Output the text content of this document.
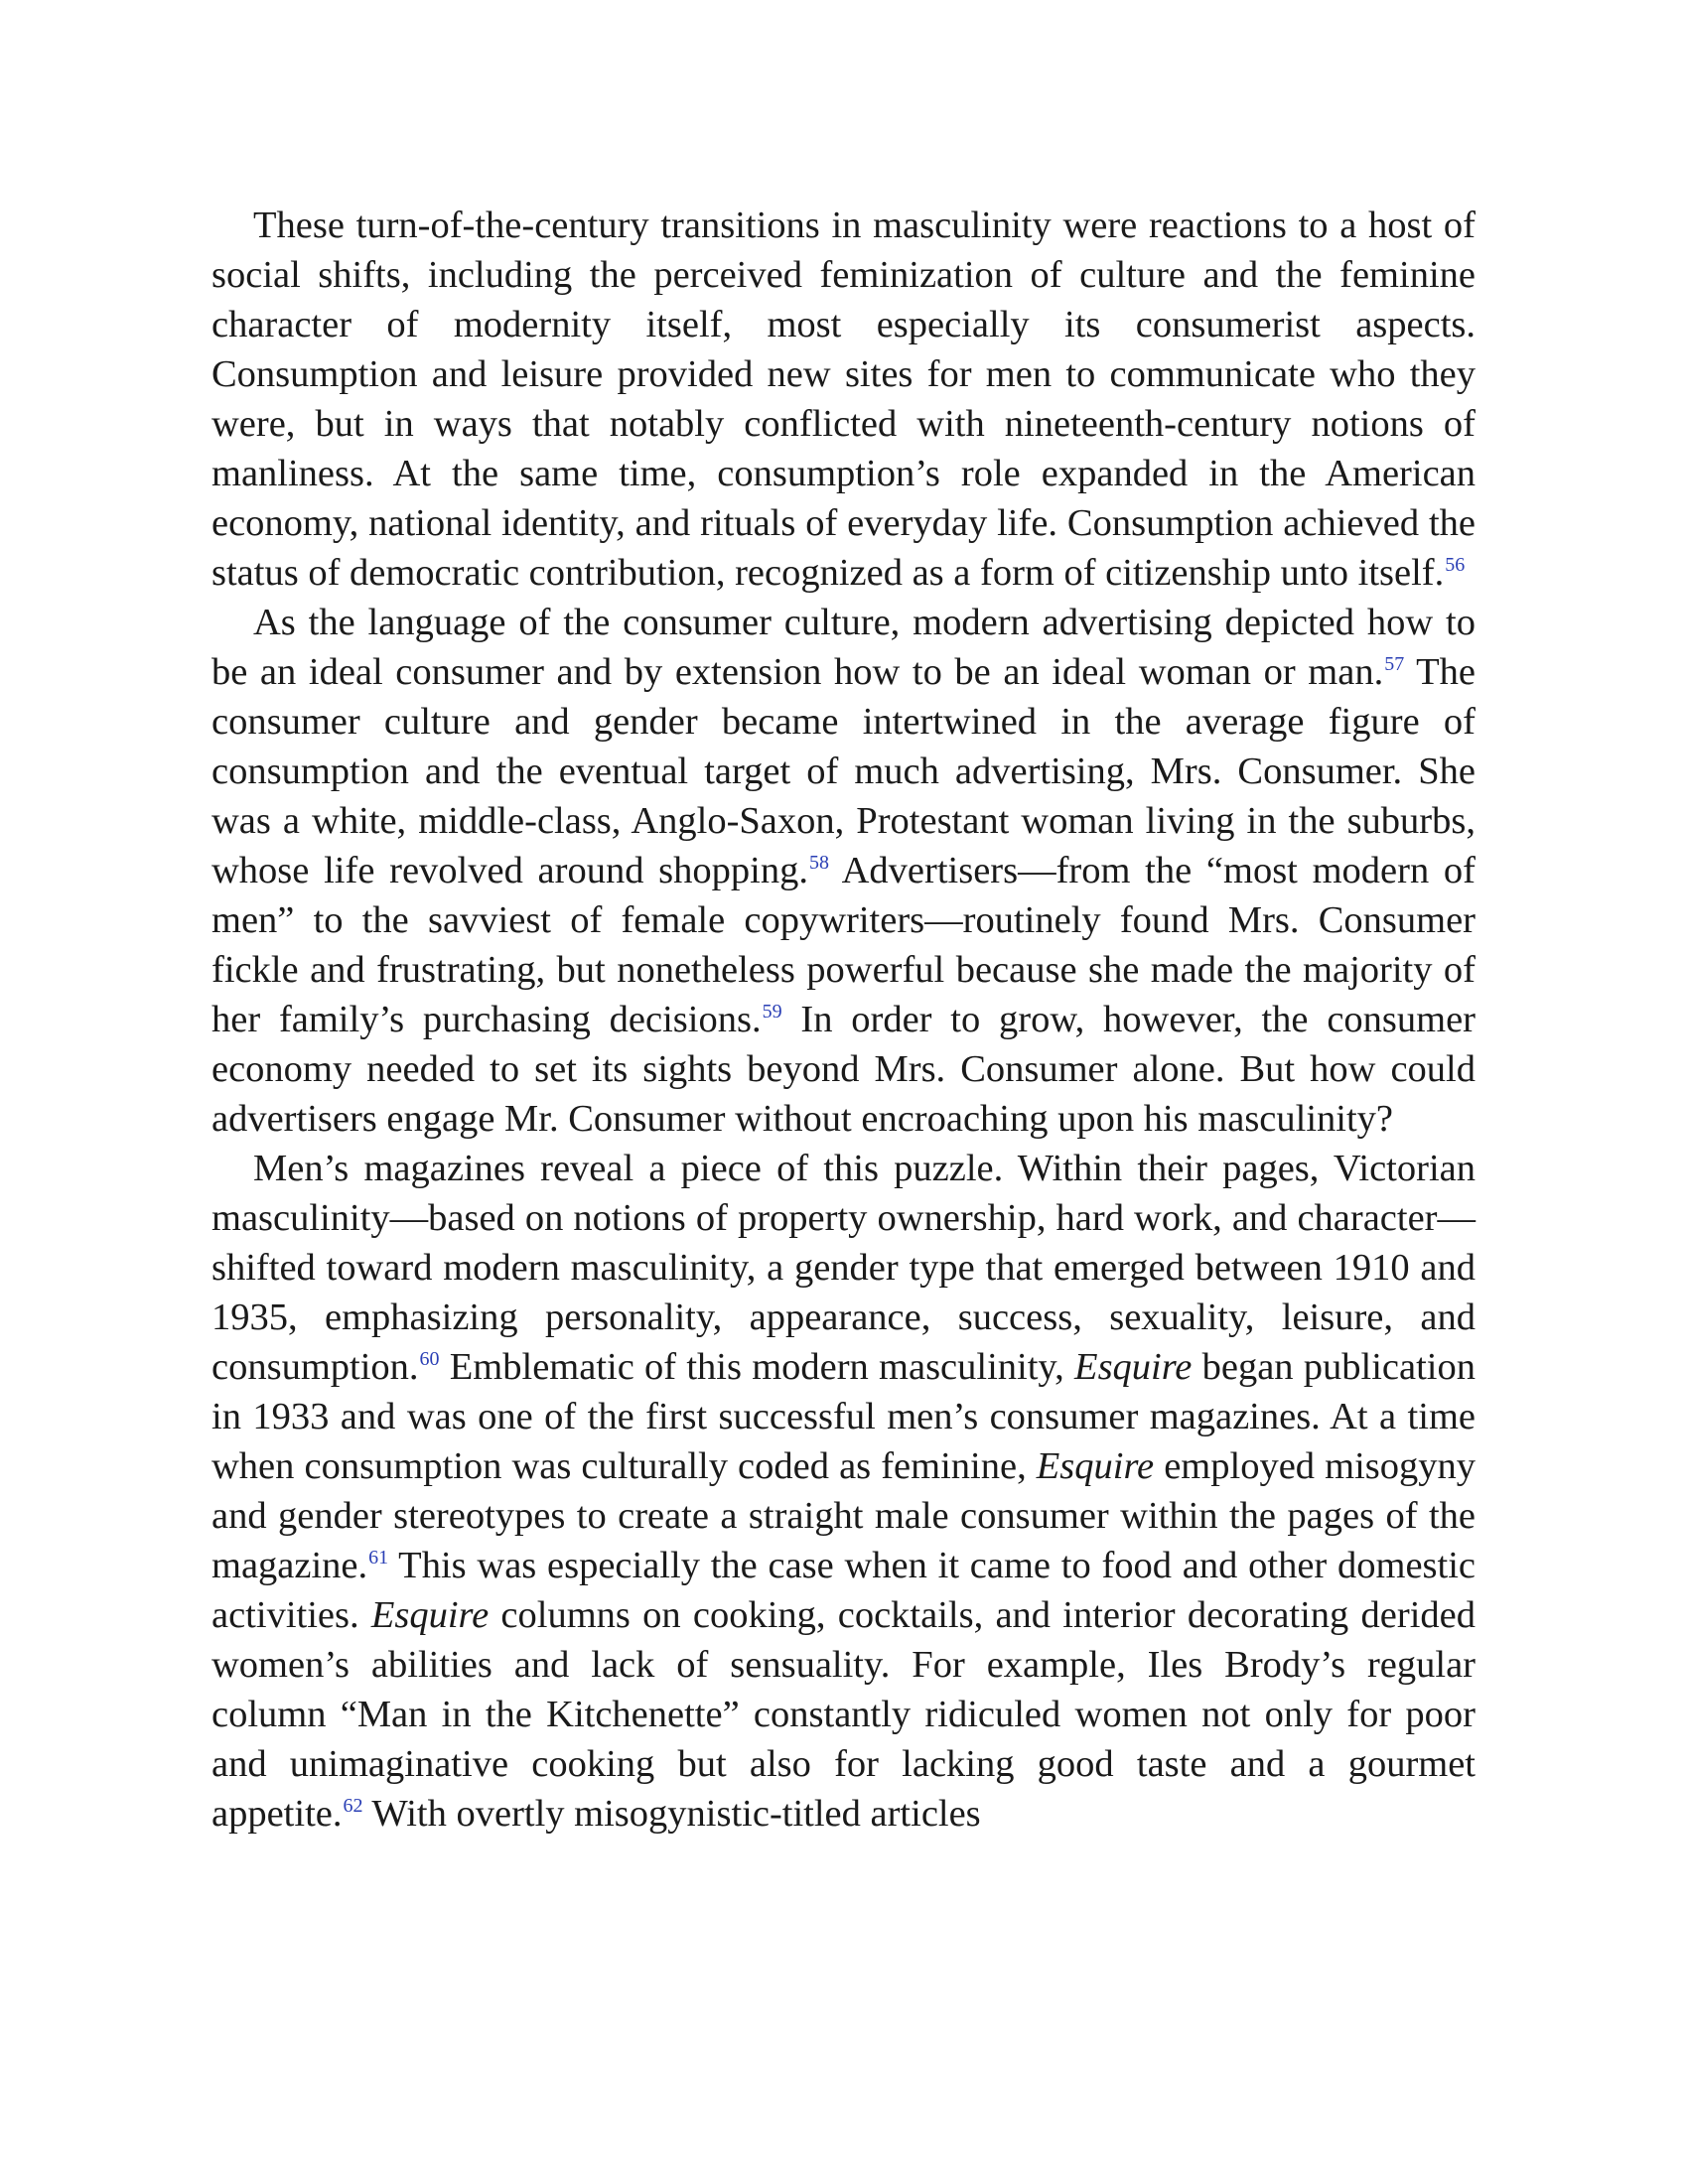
These turn-of-the-century transitions in masculinity were reactions to a host of social shifts, including the perceived feminization of culture and the feminine character of modernity itself, most especially its consumerist aspects. Consumption and leisure provided new sites for men to communicate who they were, but in ways that notably conflicted with nineteenth-century notions of manliness. At the same time, consumption’s role expanded in the American economy, national identity, and rituals of everyday life. Consumption achieved the status of democratic contribution, recognized as a form of citizenship unto itself.$^{56}$

As the language of the consumer culture, modern advertising depicted how to be an ideal consumer and by extension how to be an ideal woman or man.$^{57}$ The consumer culture and gender became intertwined in the average figure of consumption and the eventual target of much advertising, Mrs. Consumer. She was a white, middle-class, Anglo-Saxon, Protestant woman living in the suburbs, whose life revolved around shopping.$^{58}$ Advertisers—from the “most modern of men” to the savviest of female copywriters—routinely found Mrs. Consumer fickle and frustrating, but nonetheless powerful because she made the majority of her family’s purchasing decisions.$^{59}$ In order to grow, however, the consumer economy needed to set its sights beyond Mrs. Consumer alone. But how could advertisers engage Mr. Consumer without encroaching upon his masculinity?

Men’s magazines reveal a piece of this puzzle. Within their pages, Victorian masculinity—based on notions of property ownership, hard work, and character—shifted toward modern masculinity, a gender type that emerged between 1910 and 1935, emphasizing personality, appearance, success, sexuality, leisure, and consumption.$^{60}$ Emblematic of this modern masculinity, Esquire began publication in 1933 and was one of the first successful men’s consumer magazines. At a time when consumption was culturally coded as feminine, Esquire employed misogyny and gender stereotypes to create a straight male consumer within the pages of the magazine.$^{61}$ This was especially the case when it came to food and other domestic activities. Esquire columns on cooking, cocktails, and interior decorating derided women’s abilities and lack of sensuality. For example, Iles Brody’s regular column “Man in the Kitchenette” constantly ridiculed women not only for poor and unimaginative cooking but also for lacking good taste and a gourmet appetite.$^{62}$ With overtly misogynistic-titled articles
